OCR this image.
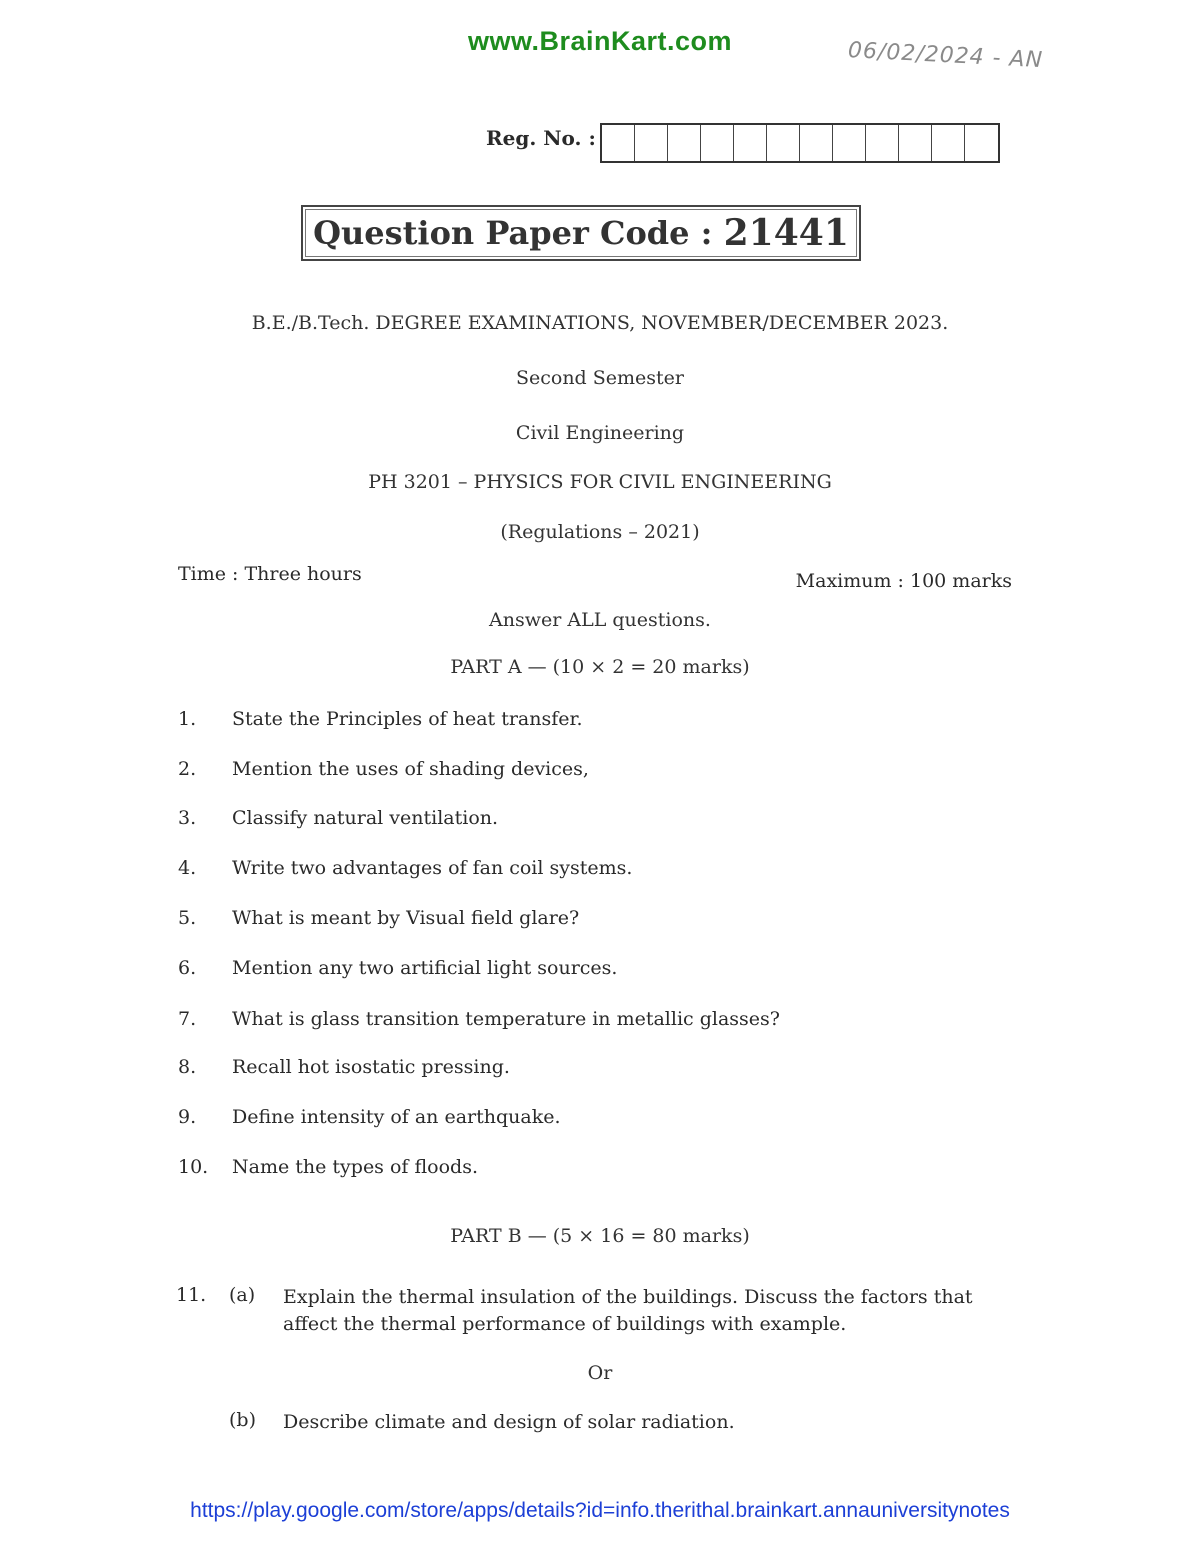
www.BrainKart.com	06/02/2024 - AN
Reg. No. :
Question Paper Code :
21441
B.E./B.Tech. DEGREE EXAMINATIONS, NOVEMBER/DECEMBER 2023.
Second Semester
Civil Engineering
PH 3201 – PHYSICS FOR CIVIL ENGINEERING
(Regulations – 2021)
Time : Three hours	Maximum : 100 marks
Answer ALL questions.
PART A — (10 × 2 = 20 marks)
1. State the Principles of heat transfer.
2. Mention the uses of shading devices,
3. Classify natural ventilation.
4. Write two advantages of fan coil systems.
5. What is meant by Visual field glare?
6. Mention any two artificial light sources.
7. What is glass transition temperature in metallic glasses?
8. Recall hot isostatic pressing.
9. Define intensity of an earthquake.
10. Name the types of floods.
PART B — (5 × 16 = 80 marks)
11. (a) Explain the thermal insulation of the buildings. Discuss the factors that affect the thermal performance of buildings with example.
Or
(b) Describe climate and design of solar radiation.
https://play.google.com/store/apps/details?id=info.therithal.brainkart.annauniversitynotes
